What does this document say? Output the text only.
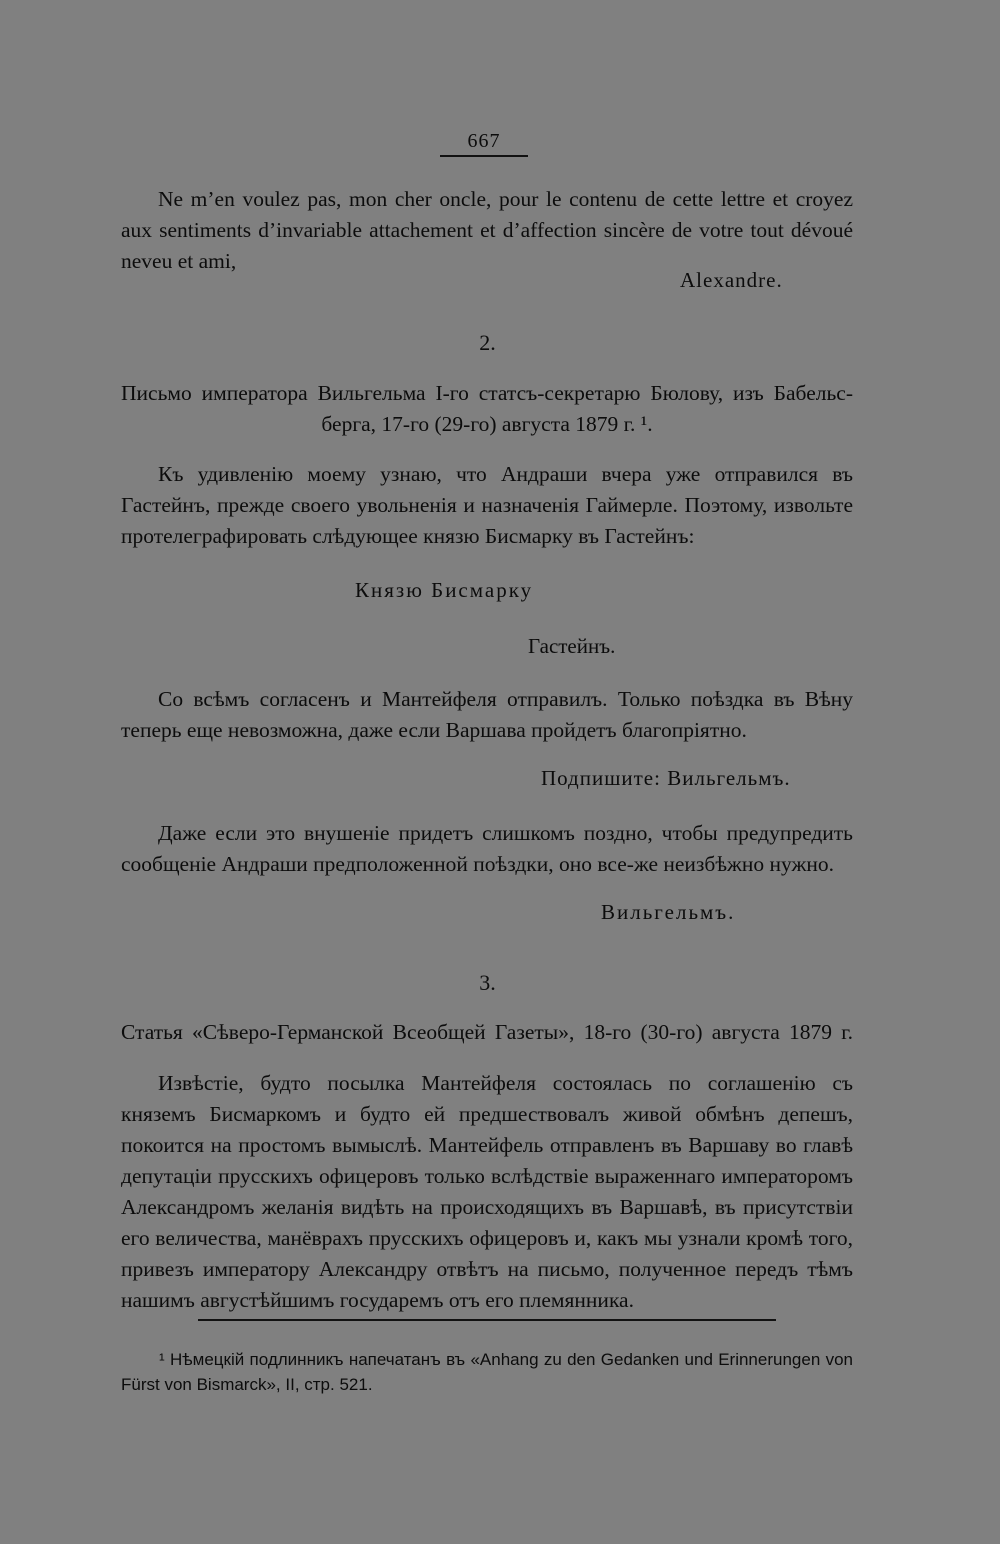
667
Ne m’en voulez pas, mon cher oncle, pour le contenu de cette lettre et croyez aux sentiments d’invariable attachement et d’affection sincère de votre tout dévoué neveu et ami,
Alexandre.
2.
Письмо императора Вильгельма I-го статсъ-секретарю Бюлову, изъ Бабельс-
берга, 17-го (29-го) августа 1879 г. ¹.
Къ удивленію моему узнаю, что Андраши вчера уже отправился въ Гастейнъ, прежде своего увольненія и назначенія Гаймерле. Поэтому, извольте протелеграфировать слѣдующее князю Бисмарку въ Гастейнъ:
Князю Бисмарку
Гастейнъ.
Со всѣмъ согласенъ и Мантейфеля отправилъ. Только поѣздка въ Вѣну теперь еще невозможна, даже если Варшава пройдетъ благопріятно.
Подпишите: Вильгельмъ.
Даже если это внушеніе придетъ слишкомъ поздно, чтобы предупредить сообщеніе Андраши предположенной поѣздки, оно все-же неизбѣжно нужно.
Вильгельмъ.
3.
Статья «Сѣверо-Германской Всеобщей Газеты», 18-го (30-го) августа 1879 г.
Извѣстіе, будто посылка Мантейфеля состоялась по соглашенію съ княземъ Бисмаркомъ и будто ей предшествовалъ живой обмѣнъ депешъ, покоится на простомъ вымыслѣ. Мантейфель отправленъ въ Варшаву во главѣ депутаціи прусскихъ офицеровъ только вслѣдствіе выраженнаго императоромъ Александромъ желанія видѣть на происходящихъ въ Варшавѣ, въ присутствіи его величества, манёврахъ прусскихъ офицеровъ и, какъ мы узнали кромѣ того, привезъ императору Александру отвѣтъ на письмо, полученное передъ тѣмъ нашимъ августѣйшимъ государемъ отъ его племянника.
¹ Нѣмецкій подлинникъ напечатанъ въ «Anhang zu den Gedanken und Erinnerungen von Fürst von Bismarck», II, стр. 521.
